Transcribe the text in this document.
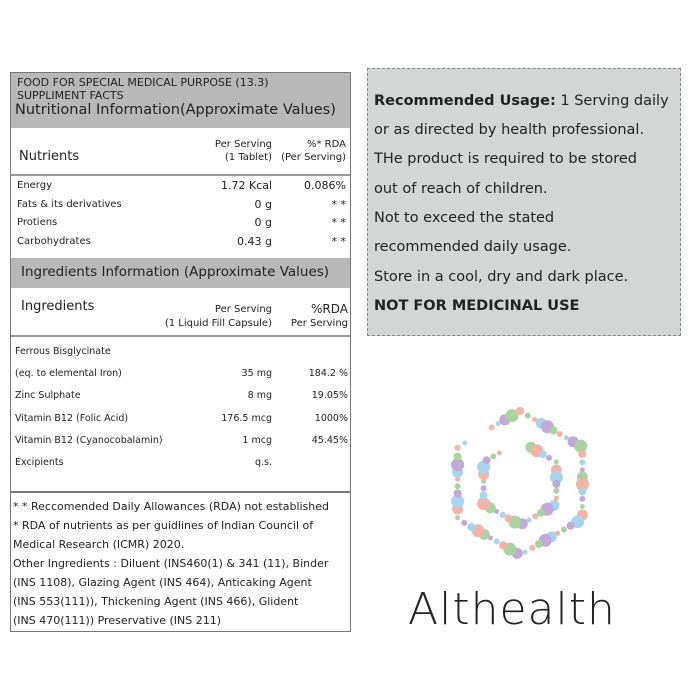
FOOD FOR SPECIAL MEDICAL PURPOSE (13.3)
SUPPLIMENT FACTS
Nutritional Information(Approximate Values)
Nutrients
Per Serving
(1 Tablet)
%* RDA
(Per Serving)
Energy	1.72 Kcal	0.086%
Fats & its derivatives	0 g	* *
Protiens	0 g	* *
Carbohydrates	0.43 g	* *
Ingredients Information (Approximate Values)
Ingredients	Per Serving
(1 Liquid Fill Capsule)
%RDA
Per Serving
Ferrous Bisglycinate
(eq. to elemental Iron)	35 mg	184.2 %
Zinc Sulphate	8 mg	19.05%
Vitamin B12 (Folic Acid)	176.5 mcg	1000%
Vitamin B12 (Cyanocobalamin)	1 mcg	45.45%
Excipients	q.s.
* * Reccomended Daily Allowances (RDA) not established
* RDA of nutrients as per guidlines of Indian Council of
Medical Research (ICMR) 2020.
Other Ingredients : Diluent (INS460(1) & 341 (11), Binder
(INS 1108), Glazing Agent (INS 464), Anticaking Agent
(INS 553(111)), Thickening Agent (INS 466), Glident
(INS 470(111)) Preservative (INS 211)
Recommended Usage: 1 Serving daily
or as directed by health professional.
THe product is required to be stored
out of reach of children.
Not to exceed the stated
recommended daily usage.
Store in a cool, dry and dark place.
NOT FOR MEDICINAL USE
Althealth
